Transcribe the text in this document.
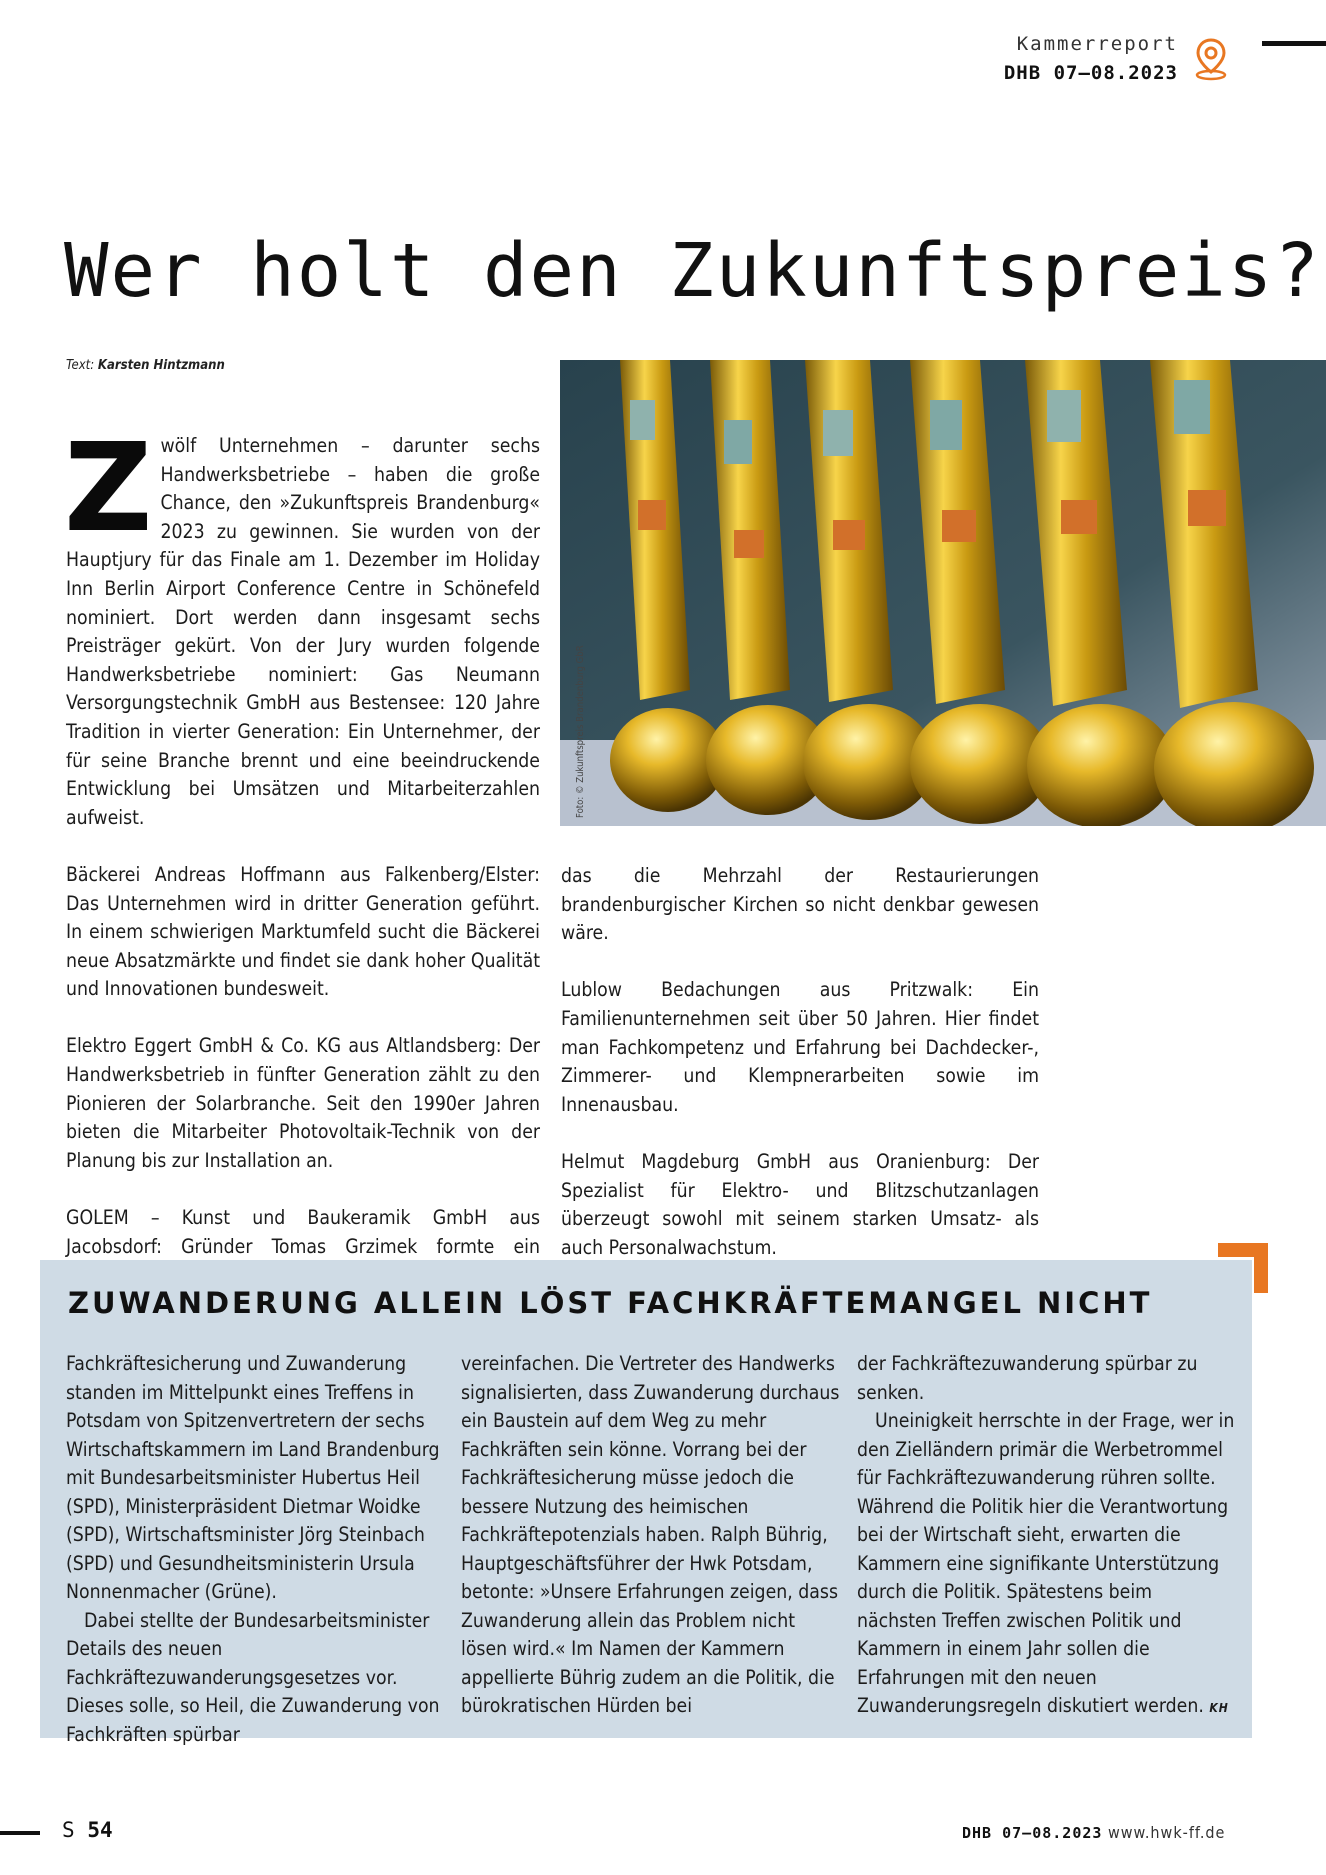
Kammerreport
DHB 07–08.2023
Wer holt den Zukunftspreis?
Text: Karsten Hintzmann

Zwölf Unternehmen – darunter sechs Handwerksbetriebe – haben die große Chance, den »Zukunftspreis Brandenburg« 2023 zu gewinnen. Sie wurden von der Hauptjury für das Finale am 1. Dezember im Holiday Inn Berlin Airport Conference Centre in Schönefeld nominiert. Dort werden dann insgesamt sechs Preisträger gekürt. Von der Jury wurden folgende Handwerksbetriebe nominiert: Gas Neumann Versorgungstechnik GmbH aus Bestensee: 120 Jahre Tradition in vierter Generation: Ein Unternehmer, der für seine Branche brennt und eine beeindruckende Entwicklung bei Umsätzen und Mitarbeiterzahlen aufweist.

Bäckerei Andreas Hoffmann aus Falkenberg/Elster: Das Unternehmen wird in dritter Generation geführt. In einem schwierigen Marktumfeld sucht die Bäckerei neue Absatzmärkte und findet sie dank hoher Qualität und Innovationen bundesweit.

Elektro Eggert GmbH & Co. KG aus Altlandsberg: Der Handwerksbetrieb in fünfter Generation zählt zu den Pionieren der Solarbranche. Seit den 1990er Jahren bieten die Mitarbeiter Photovoltaik-Technik von der Planung bis zur Installation an.

GOLEM – Kunst und Baukeramik GmbH aus Jacobsdorf: Gründer Tomas Grzimek formte ein

Foto: © Zukunftspreis Brandenburg GbR

das die Mehrzahl der Restaurierungen brandenburgischer Kirchen so nicht denkbar gewesen wäre.

Lublow Bedachungen aus Pritzwalk: Ein Familienunternehmen seit über 50 Jahren. Hier findet man Fachkompetenz und Erfahrung bei Dachdecker-, Zimmerer- und Klempnerarbeiten sowie im Innenausbau.

Helmut Magdeburg GmbH aus Oranienburg: Der Spezialist für Elektro- und Blitzschutzanlagen überzeugt sowohl mit seinem starken Umsatz- als auch Personalwachstum.

ZUWANDERUNG ALLEIN LÖST FACHKRÄFTEMANGEL NICHT

Fachkräftesicherung und Zuwanderung standen im Mittelpunkt eines Treffens in Potsdam von Spitzenvertretern der sechs Wirtschaftskammern im Land Brandenburg mit Bundesarbeitsminister Hubertus Heil (SPD), Ministerpräsident Dietmar Woidke (SPD), Wirtschaftsminister Jörg Steinbach (SPD) und Gesundheitsministerin Ursula Nonnenmacher (Grüne).

Dabei stellte der Bundesarbeitsminister Details des neuen Fachkräftezuwanderungsgesetzes vor. Dieses solle, so Heil, die Zuwanderung von Fachkräften spürbar

vereinfachen. Die Vertreter des Handwerks signalisierten, dass Zuwanderung durchaus ein Baustein auf dem Weg zu mehr Fachkräften sein könne. Vorrang bei der Fachkräftesicherung müsse jedoch die bessere Nutzung des heimischen Fachkräftepotenzials haben. Ralph Bührig, Hauptgeschäftsführer der Hwk Potsdam, betonte: »Unsere Erfahrungen zeigen, dass Zuwanderung allein das Problem nicht lösen wird.« Im Namen der Kammern appellierte Bührig zudem an die Politik, die bürokratischen Hürden bei

der Fachkräftezuwanderung spürbar zu senken.

Uneinigkeit herrschte in der Frage, wer in den Zielländern primär die Werbetrommel für Fachkräftezuwanderung rühren sollte. Während die Politik hier die Verantwortung bei der Wirtschaft sieht, erwarten die Kammern eine signifikante Unterstützung durch die Politik. Spätestens beim nächsten Treffen zwischen Politik und Kammern in einem Jahr sollen die Erfahrungen mit den neuen Zuwanderungsregeln diskutiert werden. KH

S 54	DHB 07–08.2023 www.hwk-ff.de
